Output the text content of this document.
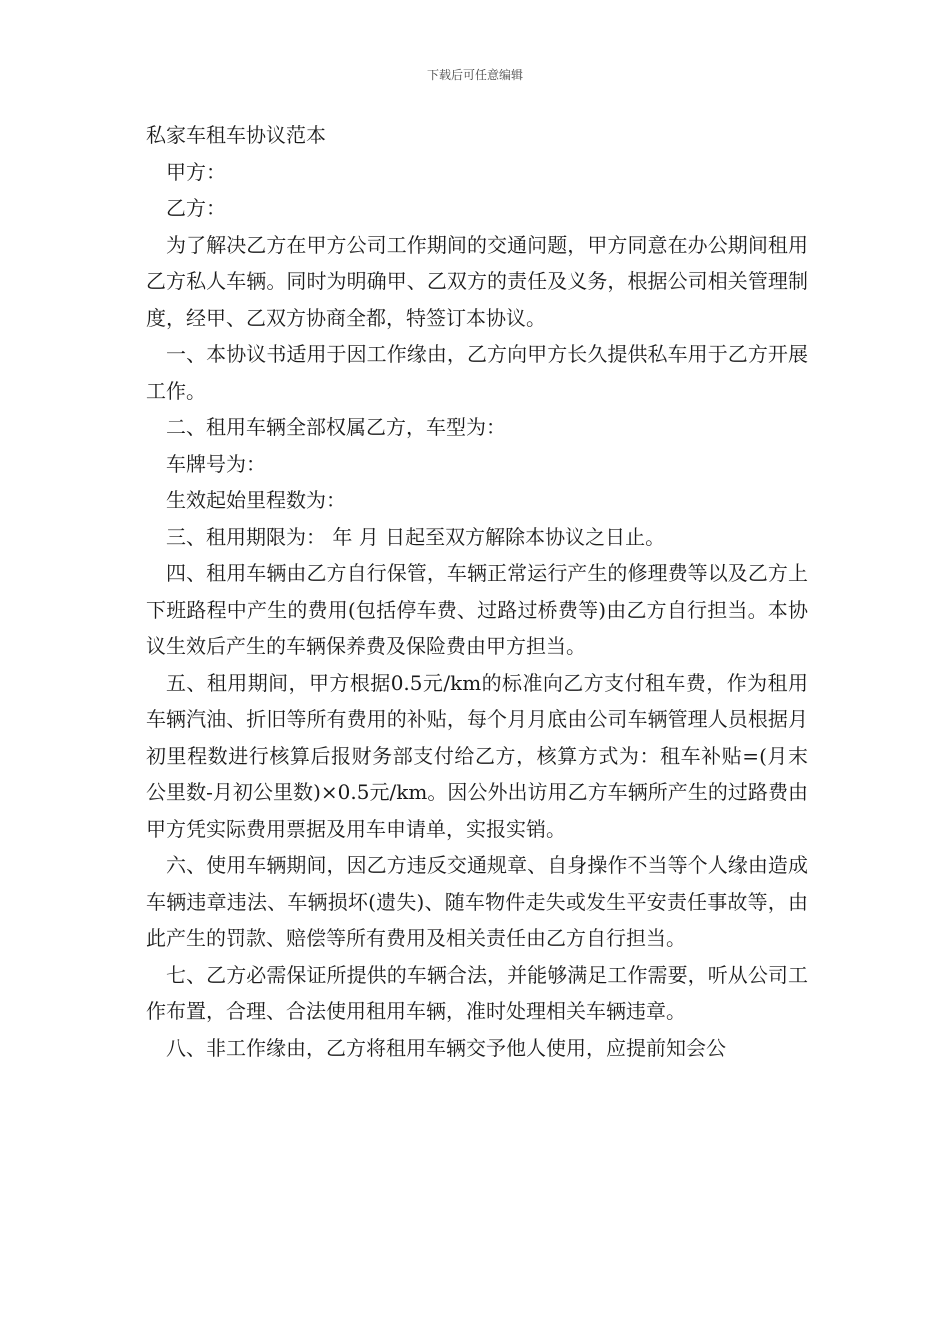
下载后可任意编辑
私家车租车协议范本

甲方：

乙方：

为了解决乙方在甲方公司工作期间的交通问题，甲方同意在办公期间租用乙方私人车辆。同时为明确甲、乙双方的责任及义务，根据公司相关管理制度，经甲、乙双方协商全都，特签订本协议。

一、本协议书适用于因工作缘由，乙方向甲方长久提供私车用于乙方开展工作。

二、租用车辆全部权属乙方，车型为：

车牌号为：

生效起始里程数为：

三、租用期限为： 年 月 日起至双方解除本协议之日止。

四、租用车辆由乙方自行保管，车辆正常运行产生的修理费等以及乙方上下班路程中产生的费用(包括停车费、过路过桥费等)由乙方自行担当。本协议生效后产生的车辆保养费及保险费由甲方担当。

五、租用期间，甲方根据0.5元/km的标准向乙方支付租车费，作为租用车辆汽油、折旧等所有费用的补贴，每个月月底由公司车辆管理人员根据月初里程数进行核算后报财务部支付给乙方，核算方式为：租车补贴=(月末公里数-月初公里数)×0.5元/km。因公外出访用乙方车辆所产生的过路费由甲方凭实际费用票据及用车申请单，实报实销。

六、使用车辆期间，因乙方违反交通规章、自身操作不当等个人缘由造成车辆违章违法、车辆损坏(遗失)、随车物件走失或发生平安责任事故等，由此产生的罚款、赔偿等所有费用及相关责任由乙方自行担当。

七、乙方必需保证所提供的车辆合法，并能够满足工作需要，听从公司工作布置，合理、合法使用租用车辆，准时处理相关车辆违章。

八、非工作缘由，乙方将租用车辆交予他人使用，应提前知会公
